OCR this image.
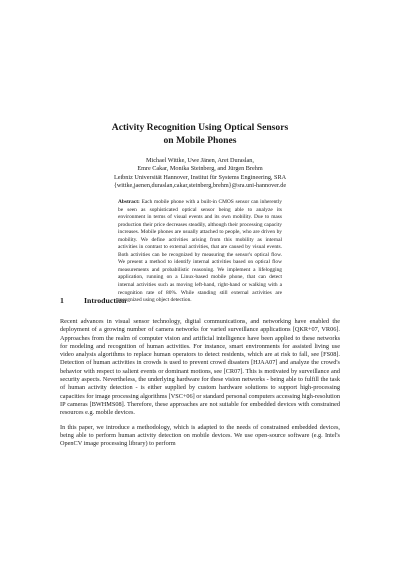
Activity Recognition Using Optical Sensors
on Mobile Phones
Michael Wittke, Uwe Jänen, Aret Duraslan,
Emre Cakar, Monika Steinberg, and Jürgen Brehm
Leibniz Universität Hannover, Institut für Systems Engineering, SRA
{wittke,jaenen,duraslan,cakar,steinberg,brehm}@sra.uni-hannover.de
Abstract: Each mobile phone with a built-in CMOS sensor can inherently be seen as sophisticated optical sensor being able to analyze its environment in terms of visual events and its own mobility. Due to mass production their price decreases steadily, although their processing capacity increases. Mobile phones are usually attached to people, who are driven by mobility. We define activities arising from this mobility as internal activities in contrast to external activities, that are caused by visual events. Both activities can be recognized by measuring the sensor's optical flow. We present a method to identify internal activities based on optical flow measurements and probabilistic reasoning. We implement a lifelogging application, running on a Linux-based mobile phone, that can detect internal activities such as moving left-hand, right-hand or walking with a recognition rate of 80%. While standing still external activities are recognized using object detection.
1	Introduction

Recent advances in visual sensor technology, digital communications, and networking have enabled the deployment of a growing number of camera networks for varied surveillance applications [QKR+07, VR06]. Approaches from the realm of computer vision and artificial intelligence have been applied to these networks for modeling and recognition of human activities. For instance, smart environments for assisted living use video analysis algorithms to replace human operators to detect residents, which are at risk to fall, see [FS08]. Detection of human activities in crowds is used to prevent crowd disasters [HJAA07] and analyze the crowd's behavior with respect to salient events or dominant motions, see [CR07]. This is motivated by surveillance and security aspects. Nevertheless, the underlying hardware for these vision networks - being able to fulfill the task of human activity detection - is either supplied by custom hardware solutions to support high-processing capacities for image processing algorithms [VSC+06] or standard personal computers accessing high-resolution IP cameras [BWHMS08]. Therefore, these approaches are not suitable for embedded devices with constrained resources e.g. mobile devices.

In this paper, we introduce a methodology, which is adapted to the needs of constrained embedded devices, being able to perform human activity detection on mobile devices. We use open-source software (e.g. Intel's OpenCV image processing library) to perform
